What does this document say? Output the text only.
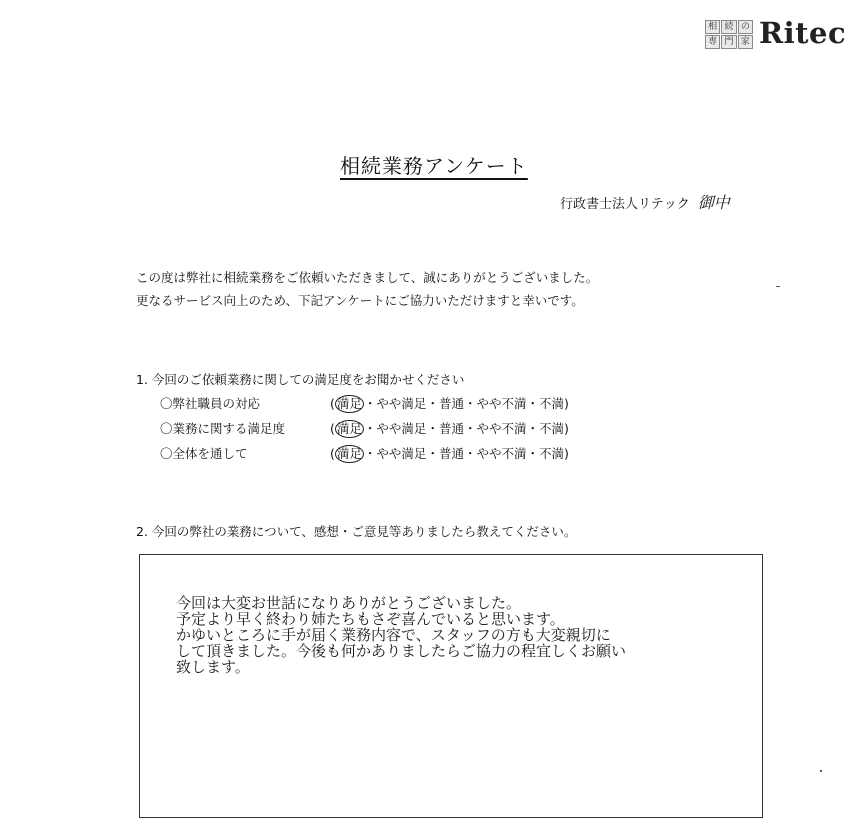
相 続 の
専 門 家 Ritec
相続業務アンケート
行政書士法人リテック 御中
この度は弊社に相続業務をご依頼いただきまして、誠にありがとうございました。
更なるサービス向上のため、下記アンケートにご協力いただけますと幸いです。
1. 今回のご依頼業務に関しての満足度をお聞かせください
〇弊社職員の対応	( 満足 ・やや満足・普通・やや不満・不満)
〇業務に関する満足度	( 満足 ・やや満足・普通・やや不満・不満)
〇全体を通して	( 満足 ・やや満足・普通・やや不満・不満)
2. 今回の弊社の業務について、感想・ご意見等ありましたら教えてください。
今回は大変お世話になりありがとうございました。
予定より早く終わり姉たちもさぞ喜んでいると思います。
かゆいところに手が届く業務内容で、スタッフの方も大変親切に
して頂きました。今後も何かありましたらご協力の程宜しくお願い
致します。
